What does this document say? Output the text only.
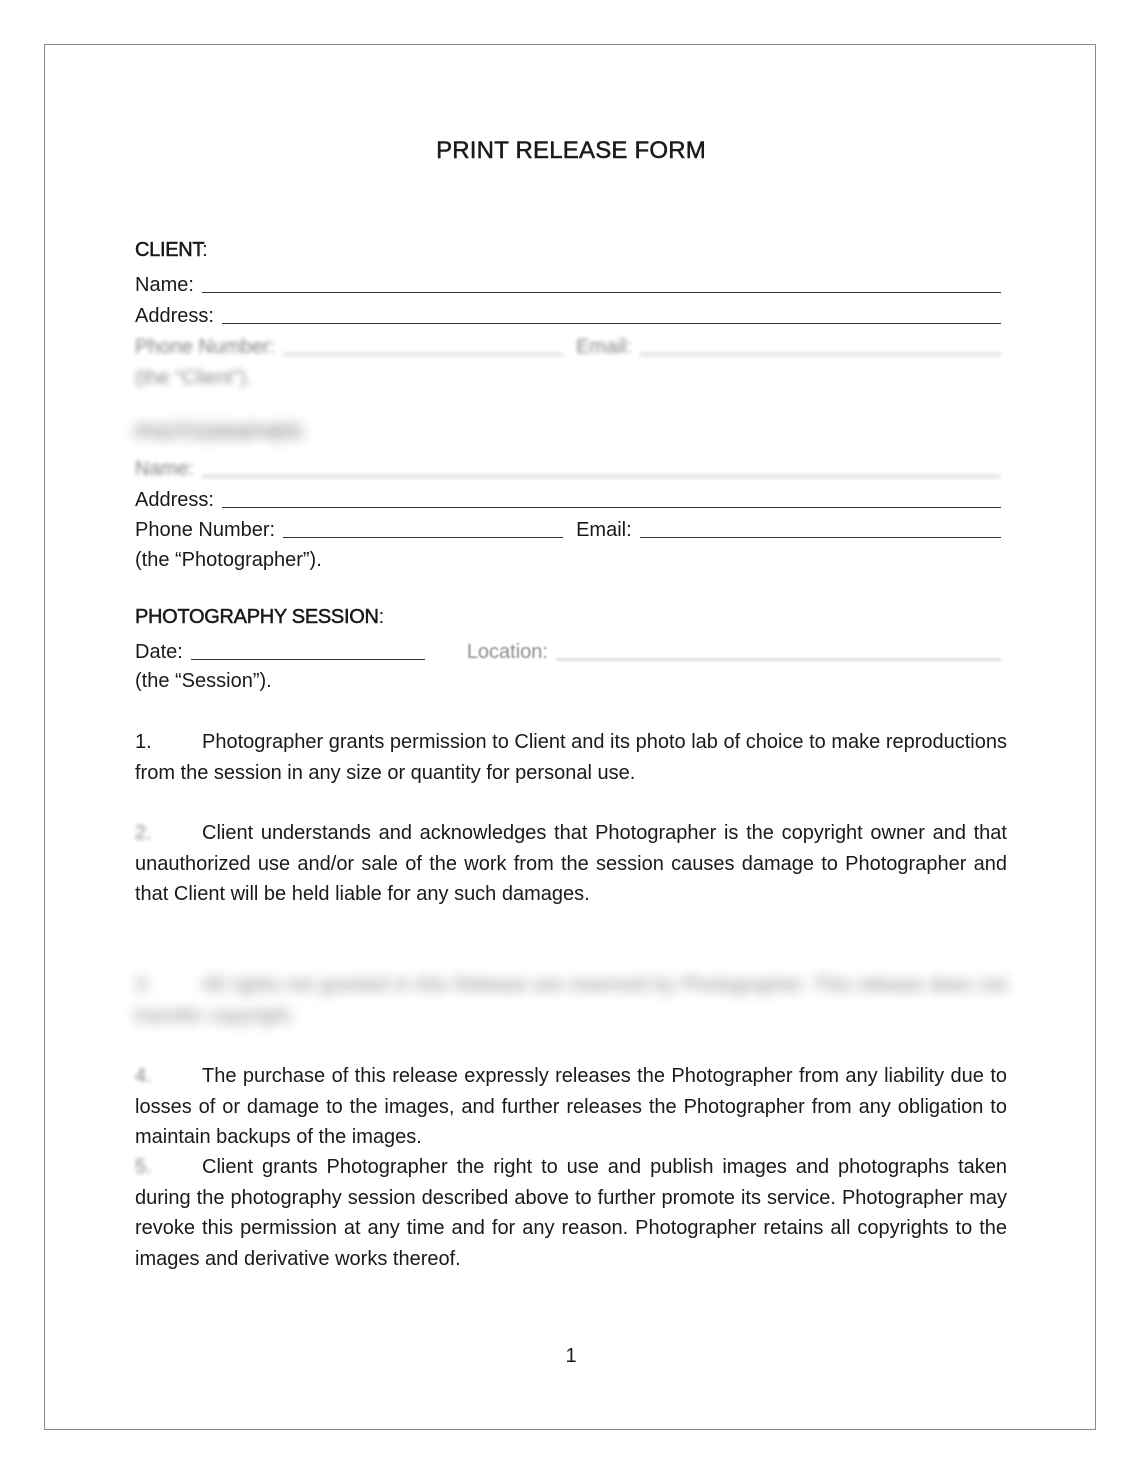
PRINT RELEASE FORM
CLIENT:
Name:
Address:
Phone Number:	Email:
(the “Client”).
PHOTOGRAPHER:
Name:
Address:
Phone Number:	Email:
(the “Photographer”).
PHOTOGRAPHY SESSION:
Date:	Location:
(the “Session”).
1.	Photographer grants permission to Client and its photo lab of choice to make reproductions from the session in any size or quantity for personal use.
2.	Client understands and acknowledges that Photographer is the copyright owner and that unauthorized use and/or sale of the work from the session causes damage to Photographer and that Client will be held liable for any such damages.
3.	All rights not granted in this Release are reserved by Photographer. This release does not transfer copyright.
4.	The purchase of this release expressly releases the Photographer from any liability due to losses of or damage to the images, and further releases the Photographer from any obligation to maintain backups of the images.
5.	Client grants Photographer the right to use and publish images and photographs taken during the photography session described above to further promote its service. Photographer may revoke this permission at any time and for any reason. Photographer retains all copyrights to the images and derivative works thereof.
1
